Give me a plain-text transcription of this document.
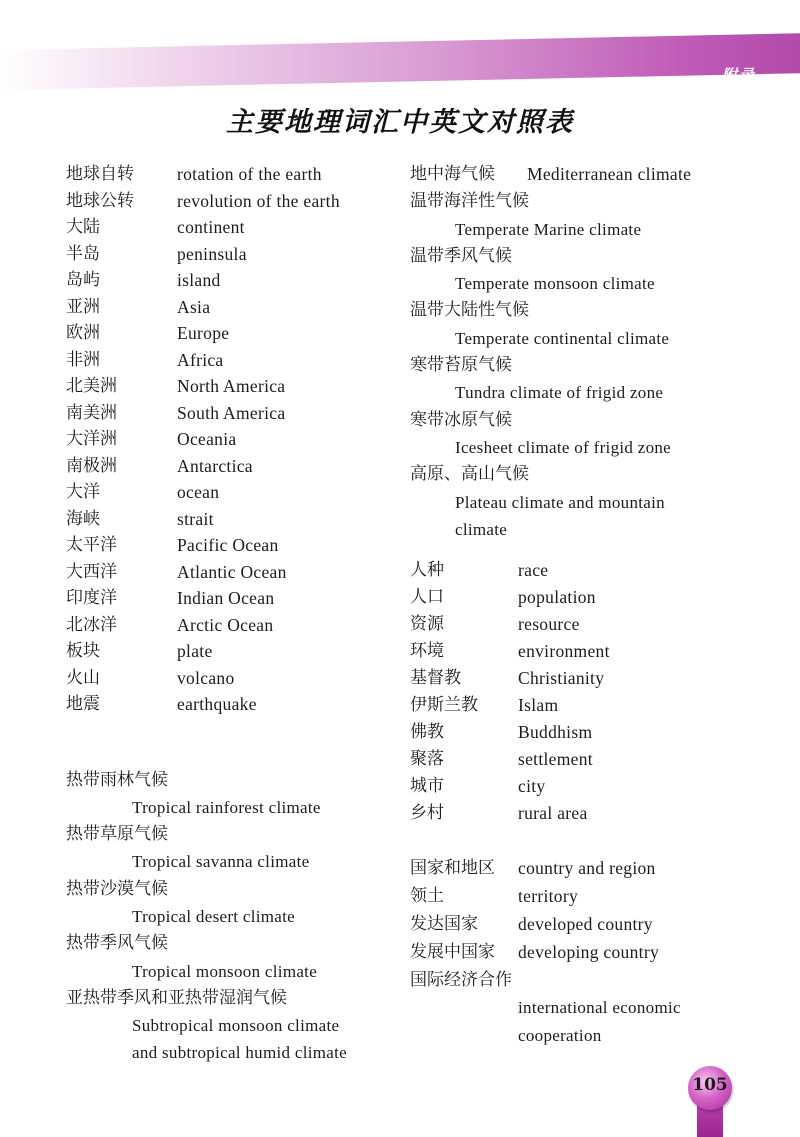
附录
主要地理词汇中英文对照表
地球自转 rotation of the earth
地球公转 revolution of the earth
大陆	continent
半岛	peninsula
岛屿	island
亚洲	Asia
欧洲	Europe
非洲	Africa
北美洲	North America
南美洲	South America
大洋洲	Oceania
南极洲	Antarctica
大洋	ocean
海峡	strait
太平洋	Pacific Ocean
大西洋	Atlantic Ocean
印度洋	Indian Ocean
北冰洋	Arctic Ocean
板块	plate
火山	volcano
地震	earthquake
热带雨林气候
Tropical rainforest climate
热带草原气候
Tropical savanna climate
热带沙漠气候
Tropical desert climate
热带季风气候
Tropical monsoon climate
亚热带季风和亚热带湿润气候
Subtropical monsoon climate
and subtropical humid climate
地中海气候 Mediterranean climate
温带海洋性气候
Temperate Marine climate
温带季风气候
Temperate monsoon climate
温带大陆性气候
Temperate continental climate
寒带苔原气候
Tundra climate of frigid zone
寒带冰原气候
Icesheet climate of frigid zone
高原、高山气候
Plateau climate and mountain
climate
人种	race
人口	population
资源	resource
环境	environment
基督教	Christianity
伊斯兰教 Islam
佛教	Buddhism
聚落	settlement
城市	city
乡村	rural area
国家和地区 country and region
领土	territory
发达国家 developed country
发展中国家 developing country
国际经济合作
international economic
cooperation
105
